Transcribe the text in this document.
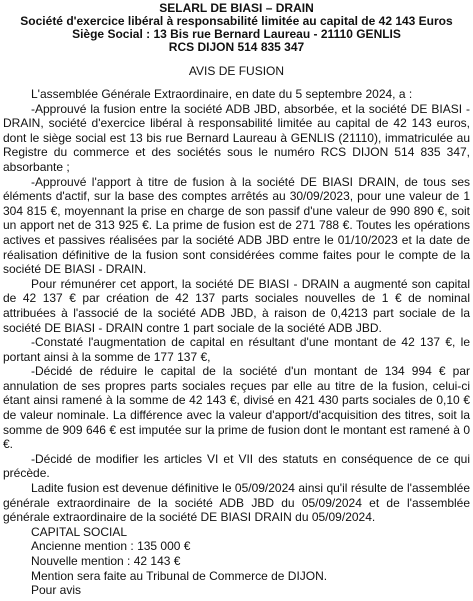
SELARL DE BIASI – DRAIN
Société d'exercice libéral à responsabilité limitée au capital de 42 143 Euros
Siège Social : 13 Bis rue Bernard Laureau - 21110 GENLIS
RCS DIJON 514 835 347
AVIS DE FUSION

L'assemblée Générale Extraordinaire, en date du 5 septembre 2024, a :

-Approuvé la fusion entre la société ADB JBD, absorbée, et la société DE BIASI - DRAIN, société d'exercice libéral à responsabilité limitée au capital de 42 143 euros, dont le siège social est 13 bis rue Bernard Laureau à GENLIS (21110), immatriculée au Registre du commerce et des sociétés sous le numéro RCS DIJON 514 835 347, absorbante ;

-Approuvé l'apport à titre de fusion à la société DE BIASI DRAIN, de tous ses éléments d'actif, sur la base des comptes arrêtés au 30/09/2023, pour une valeur de 1 304 815 €, moyennant la prise en charge de son passif d'une valeur de 990 890 €, soit un apport net de 313 925 €. La prime de fusion est de 271 788 €. Toutes les opérations actives et passives réalisées par la société ADB JBD entre le 01/10/2023 et la date de réalisation définitive de la fusion sont considérées comme faites pour le compte de la société DE BIASI - DRAIN.

Pour rémunérer cet apport, la société DE BIASI - DRAIN a augmenté son capital de 42 137 € par création de 42 137 parts sociales nouvelles de 1 € de nominal attribuées à l'associé de la société ADB JBD, à raison de 0,4213 part sociale de la société DE BIASI - DRAIN contre 1 part sociale de la société ADB JBD.

-Constaté l'augmentation de capital en résultant d'une montant de 42 137 €, le portant ainsi à la somme de 177 137 €,

-Décidé de réduire le capital de la société d'un montant de 134 994 € par annulation de ses propres parts sociales reçues par elle au titre de la fusion, celui-ci étant ainsi ramené à la somme de 42 143 €, divisé en 421 430 parts sociales de 0,10 € de valeur nominale. La différence avec la valeur d'apport/d'acquisition des titres, soit la somme de 909 646 € est imputée sur la prime de fusion dont le montant est ramené à 0 €.

-Décidé de modifier les articles VI et VII des statuts en conséquence de ce qui précède.

Ladite fusion est devenue définitive le 05/09/2024 ainsi qu'il résulte de l'assemblée générale extraordinaire de la société ADB JBD du 05/09/2024 et de l'assemblée générale extraordinaire de la société DE BIASI DRAIN du 05/09/2024.

CAPITAL SOCIAL
Ancienne mention : 135 000 €
Nouvelle mention : 42 143 €
Mention sera faite au Tribunal de Commerce de DIJON.
Pour avis
